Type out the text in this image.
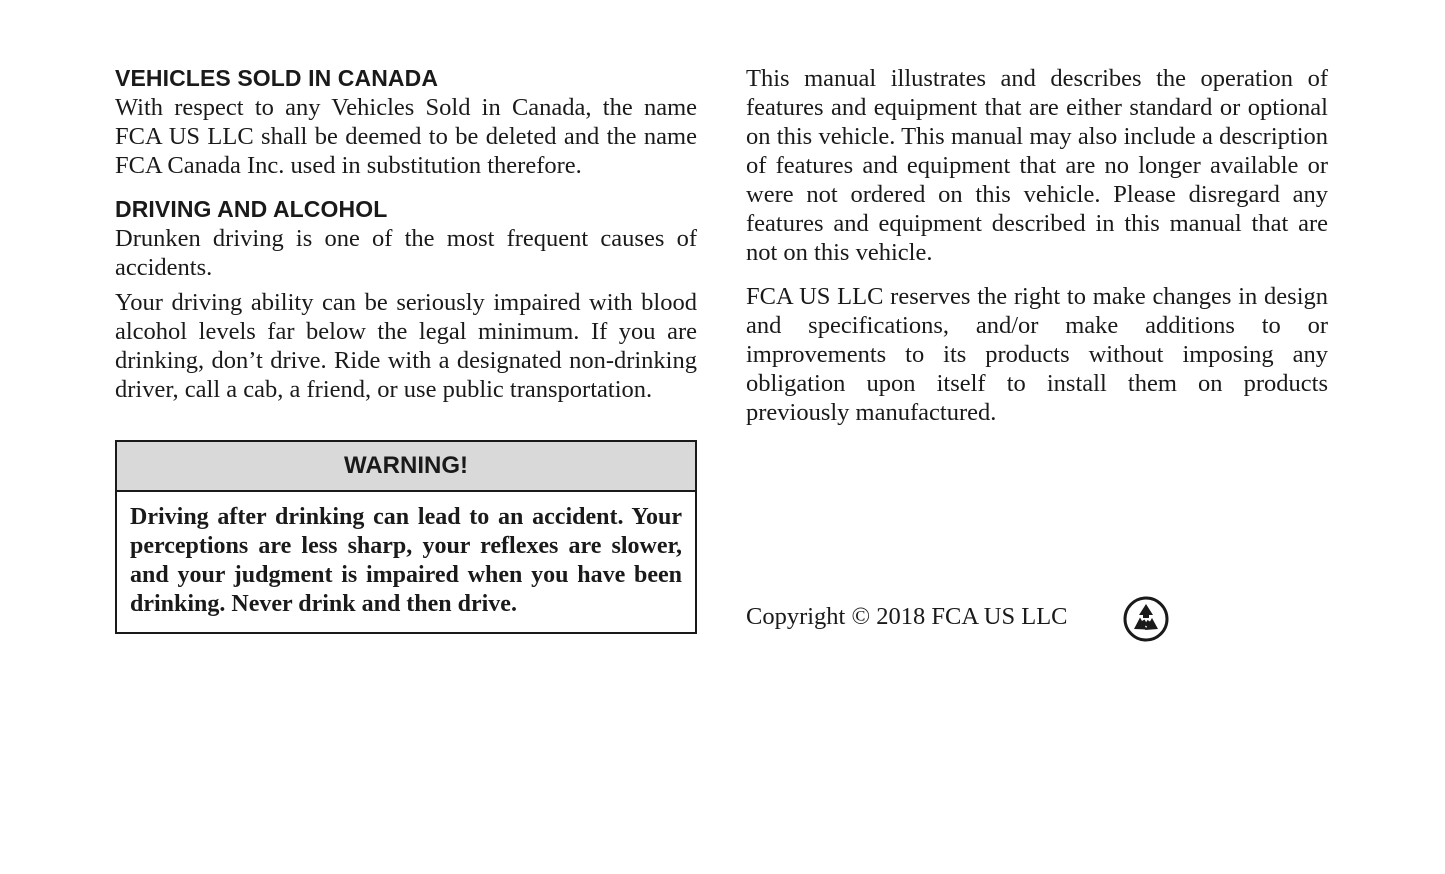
VEHICLES SOLD IN CANADA

With respect to any Vehicles Sold in Canada, the name FCA US LLC shall be deemed to be deleted and the name FCA Canada Inc. used in substitution therefore.

DRIVING AND ALCOHOL

Drunken driving is one of the most frequent causes of accidents.

Your driving ability can be seriously impaired with blood alcohol levels far below the legal minimum. If you are drinking, don’t drive. Ride with a designated non-drinking driver, call a cab, a friend, or use public transportation.

WARNING!
Driving after drinking can lead to an accident. Your perceptions are less sharp, your reflexes are slower, and your judgment is impaired when you have been drinking. Never drink and then drive.

This manual illustrates and describes the operation of features and equipment that are either standard or optional on this vehicle. This manual may also include a description of features and equipment that are no longer available or were not ordered on this vehicle. Please disregard any features and equipment described in this manual that are not on this vehicle.

FCA US LLC reserves the right to make changes in design and specifications, and/or make additions to or improvements to its products without imposing any obligation upon itself to install them on products previously manufactured.

Copyright © 2018 FCA US LLC
